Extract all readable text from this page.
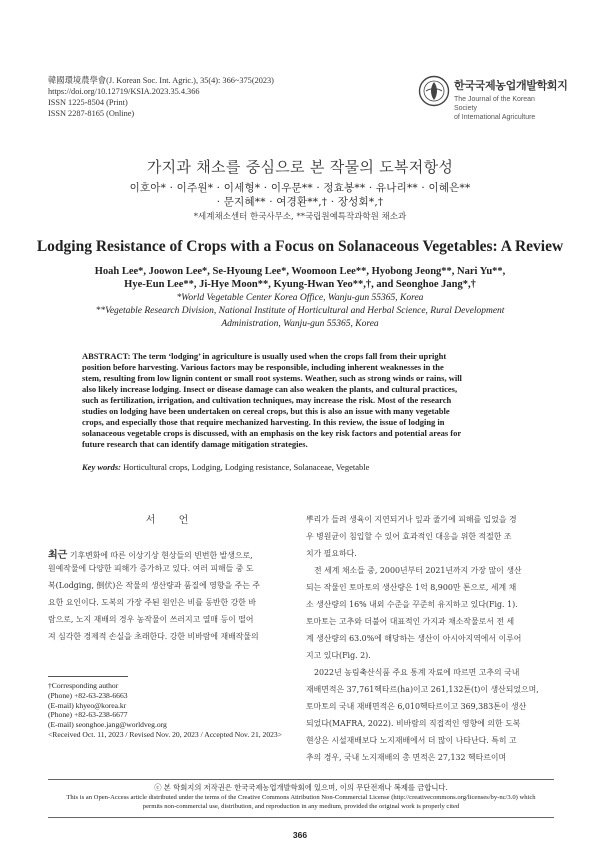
韓國環境農學會(J. Korean Soc. Int. Agric.), 35(4): 366~375(2023)
https://doi.org/10.12719/KSIA.2023.35.4.366
ISSN 1225-8504 (Print)
ISSN 2287-8165 (Online)
한국국제농업개발학회지
The Journal of the Korean Society
of International Agriculture
가지과 채소를 중심으로 본 작물의 도복저항성
이호아* · 이주원* · 이세형* · 이우문** · 정효봉** · 유나리** · 이혜은**
· 문지혜** · 여경환**,† · 장성회*,†
*세계채소센터 한국사무소, **국립원예특작과학원 채소과
Lodging Resistance of Crops with a Focus on Solanaceous Vegetables: A Review
Hoah Lee*, Joowon Lee*, Se-Hyoung Lee*, Woomoon Lee**, Hyobong Jeong**, Nari Yu**,
Hye-Eun Lee**, Ji-Hye Moon**, Kyung-Hwan Yeo**,†, and Seonghoe Jang*,†
*World Vegetable Center Korea Office, Wanju-gun 55365, Korea
**Vegetable Research Division, National Institute of Horticultural and Herbal Science, Rural Development
Administration, Wanju-gun 55365, Korea
ABSTRACT: The term ‘lodging’ in agriculture is usually used when the crops fall from their upright
position before harvesting. Various factors may be responsible, including inherent weaknesses in the
stem, resulting from low lignin content or small root systems. Weather, such as strong winds or rains, will
also likely increase lodging. Insect or disease damage can also weaken the plants, and cultural practices,
such as fertilization, irrigation, and cultivation techniques, may increase the risk. Most of the research
studies on lodging have been undertaken on cereal crops, but this is also an issue with many vegetable
crops, and especially those that require mechanized harvesting. In this review, the issue of lodging in
solanaceous vegetable crops is discussed, with an emphasis on the key risk factors and potential areas for
future research that can identify damage mitigation strategies.
Key words: Horticultural crops, Lodging, Lodging resistance, Solanaceae, Vegetable
서 언
최근 기후변화에 따른 이상기상 현상들의 빈번한 발생으로,
원예작물에 다양한 피해가 증가하고 있다. 여러 피해들 중 도
복(Lodging, 倒伏)은 작물의 생산량과 품질에 영향을 주는 주
요한 요인이다. 도복의 가장 주된 원인은 비를 동반한 강한 바
람으로, 노지 재배의 경우 농작물이 쓰러지고 열매 등이 떨어
져 심각한 경제적 손실을 초래한다. 강한 비바람에 재배작물의
뿌리가 들려 생육이 지연되거나 잎과 줄기에 피해를 입었을 경
우 병원균이 침입할 수 있어 효과적인 대응을 위한 적절한 조
치가 필요하다.
전 세계 채소들 중, 2000년부터 2021년까지 가장 많이 생산
되는 작물인 토마토의 생산량은 1억 8,900만 톤으로, 세계 채
소 생산량의 16% 내외 수준을 꾸준히 유지하고 있다(Fig. 1).
토마토는 고추와 더불어 대표적인 가지과 채소작물로서 전 세
계 생산량의 63.0%에 해당하는 생산이 아시아지역에서 이루어
지고 있다(Fig. 2).
2022년 농림축산식품 주요 통계 자료에 따르면 고추의 국내
재배면적은 37,761헥타르(ha)이고 261,132톤(t)이 생산되었으며,
토마토의 국내 재배면적은 6,010헥타르이고 369,383톤이 생산
되었다(MAFRA, 2022). 비바람의 직접적인 영향에 의한 도복
현상은 시설재배보다 노지재배에서 더 많이 나타난다. 특히 고
추의 경우, 국내 노지재배의 총 면적은 27,132 헥타르이며
†Corresponding author
(Phone) +82-63-238-6663
(E-mail) khyeo@korea.kr
(Phone) +82-63-238-6677
(E-mail) seonghoe.jang@worldveg.org
<Received Oct. 11, 2023 / Revised Nov. 20, 2023 / Accepted Nov. 21, 2023>
ⓒ 본 학회지의 저작권은 한국국제농업개발학회에 있으며, 이의 무단전재나 복제를 금합니다.
This is an Open-Access article distributed under the terms of the Creative Commons Attribution Non-Commercial License (http://creativecommons.org/licenses/by-nc/3.0) which
permits non-commercial use, distribution, and reproduction in any medium, provided the original work is properly cited
366
